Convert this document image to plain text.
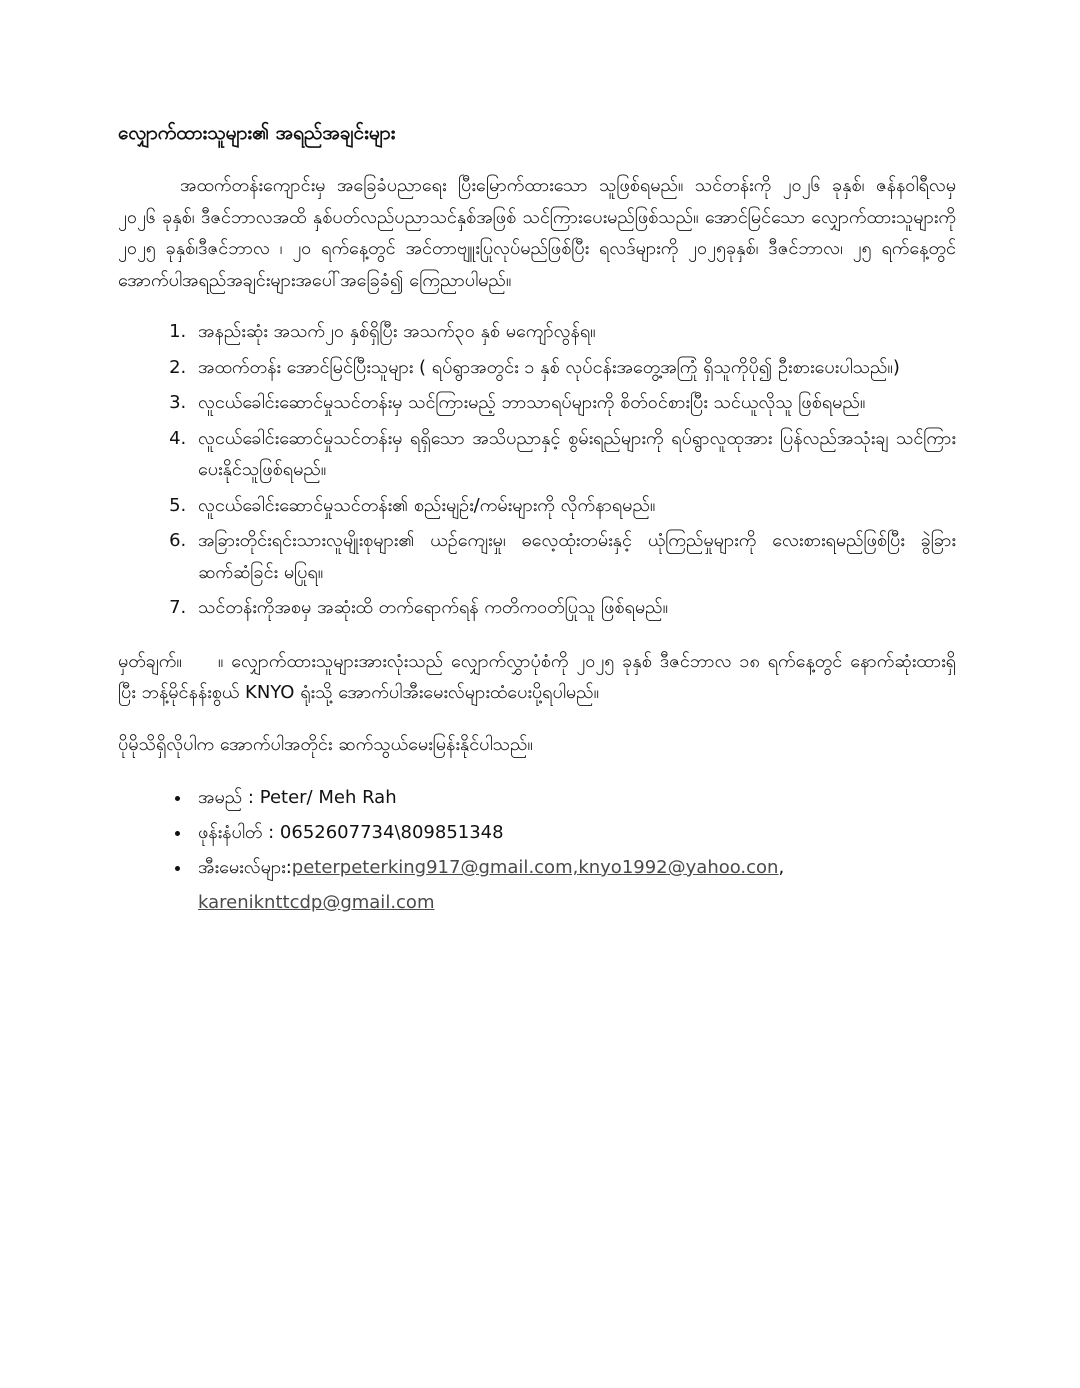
လျှောက်ထားသူများ၏ အရည်အချင်းများ

အထက်တန်းကျောင်းမှ အခြေခံပညာရေး ပြီးမြောက်ထားသော သူဖြစ်ရမည်။ သင်တန်းကို ၂၀၂၆ ခုနှစ်၊ ဇန်နဝါရီလမှ ၂၀၂၆ ခုနှစ်၊ ဒီဇင်ဘာလအထိ နှစ်ပတ်လည်ပညာသင်နှစ်အဖြစ် သင်ကြားပေးမည်ဖြစ်သည်။ အောင်မြင်သော လျှောက်ထားသူများကို ၂၀၂၅ ခုနှစ်၊ဒီဇင်ဘာလ ၊ ၂၀ ရက်နေ့တွင် အင်တာဗျူးပြုလုပ်မည်ဖြစ်ပြီး ရလဒ်များကို ၂၀၂၅ခုနှစ်၊ ဒီဇင်ဘာလ၊ ၂၅ ရက်နေ့တွင် အောက်ပါအရည်အချင်းများအပေါ်အခြေခံ၍ ကြေညာပါမည်။

1. အနည်းဆုံး အသက်၂၀ နှစ်ရှိပြီး အသက်၃၀ နှစ် မကျော်လွန်ရ။
2. အထက်တန်း အောင်မြင်ပြီးသူများ ( ရပ်ရွာအတွင်း ၁ နှစ် လုပ်ငန်းအတွေ့အကြုံ ရှိသူကိုပို၍ ဦးစားပေးပါသည်။)
3. လူငယ်ခေါင်းဆောင်မှုသင်တန်းမှ သင်ကြားမည့် ဘာသာရပ်များကို စိတ်ဝင်စားပြီး သင်ယူလိုသူ ဖြစ်ရမည်။
4. လူငယ်ခေါင်းဆောင်မှုသင်တန်းမှ ရရှိသော အသိပညာနှင့် စွမ်းရည်များကို ရပ်ရွာလူထုအား ပြန်လည်အသုံးချ သင်ကြားပေးနိုင်သူဖြစ်ရမည်။
5. လူငယ်ခေါင်းဆောင်မှုသင်တန်း၏ စည်းမျဉ်း/ကမ်းများကို လိုက်နာရမည်။
6. အခြားတိုင်းရင်းသားလူမျိုးစုများ၏ ယဉ်ကျေးမှု၊ ဓလေ့ထုံးတမ်းနှင့် ယုံကြည်မှုများကို လေးစားရမည်ဖြစ်ပြီး ခွဲခြားဆက်ဆံခြင်း မပြုရ။
7. သင်တန်းကိုအစမှ အဆုံးထိ တက်ရောက်ရန် ကတိကဝတ်ပြုသူ ဖြစ်ရမည်။

မှတ်ချက်။ ။ လျှောက်ထားသူများအားလုံးသည် လျှောက်လွှာပုံစံကို ၂၀၂၅ ခုနှစ် ဒီဇင်ဘာလ ၁၈ ရက်နေ့တွင် နောက်ဆုံးထားရှိပြီး ဘန့်မိုင်နန်းစွယ် KNYO ရုံးသို့ အောက်ပါအီးမေးလ်များထံပေးပို့ရပါမည်။

ပိုမိုသိရှိလိုပါက အောက်ပါအတိုင်း ဆက်သွယ်မေးမြန်းနိုင်ပါသည်။

• အမည် : Peter/ Meh Rah
• ဖုန်းနံပါတ် : 0652607734\809851348
• အီးမေးလ်များ:peterpeterking917@gmail.com,knyo1992@yahoo.con,
kareniknttcdp@gmail.com
